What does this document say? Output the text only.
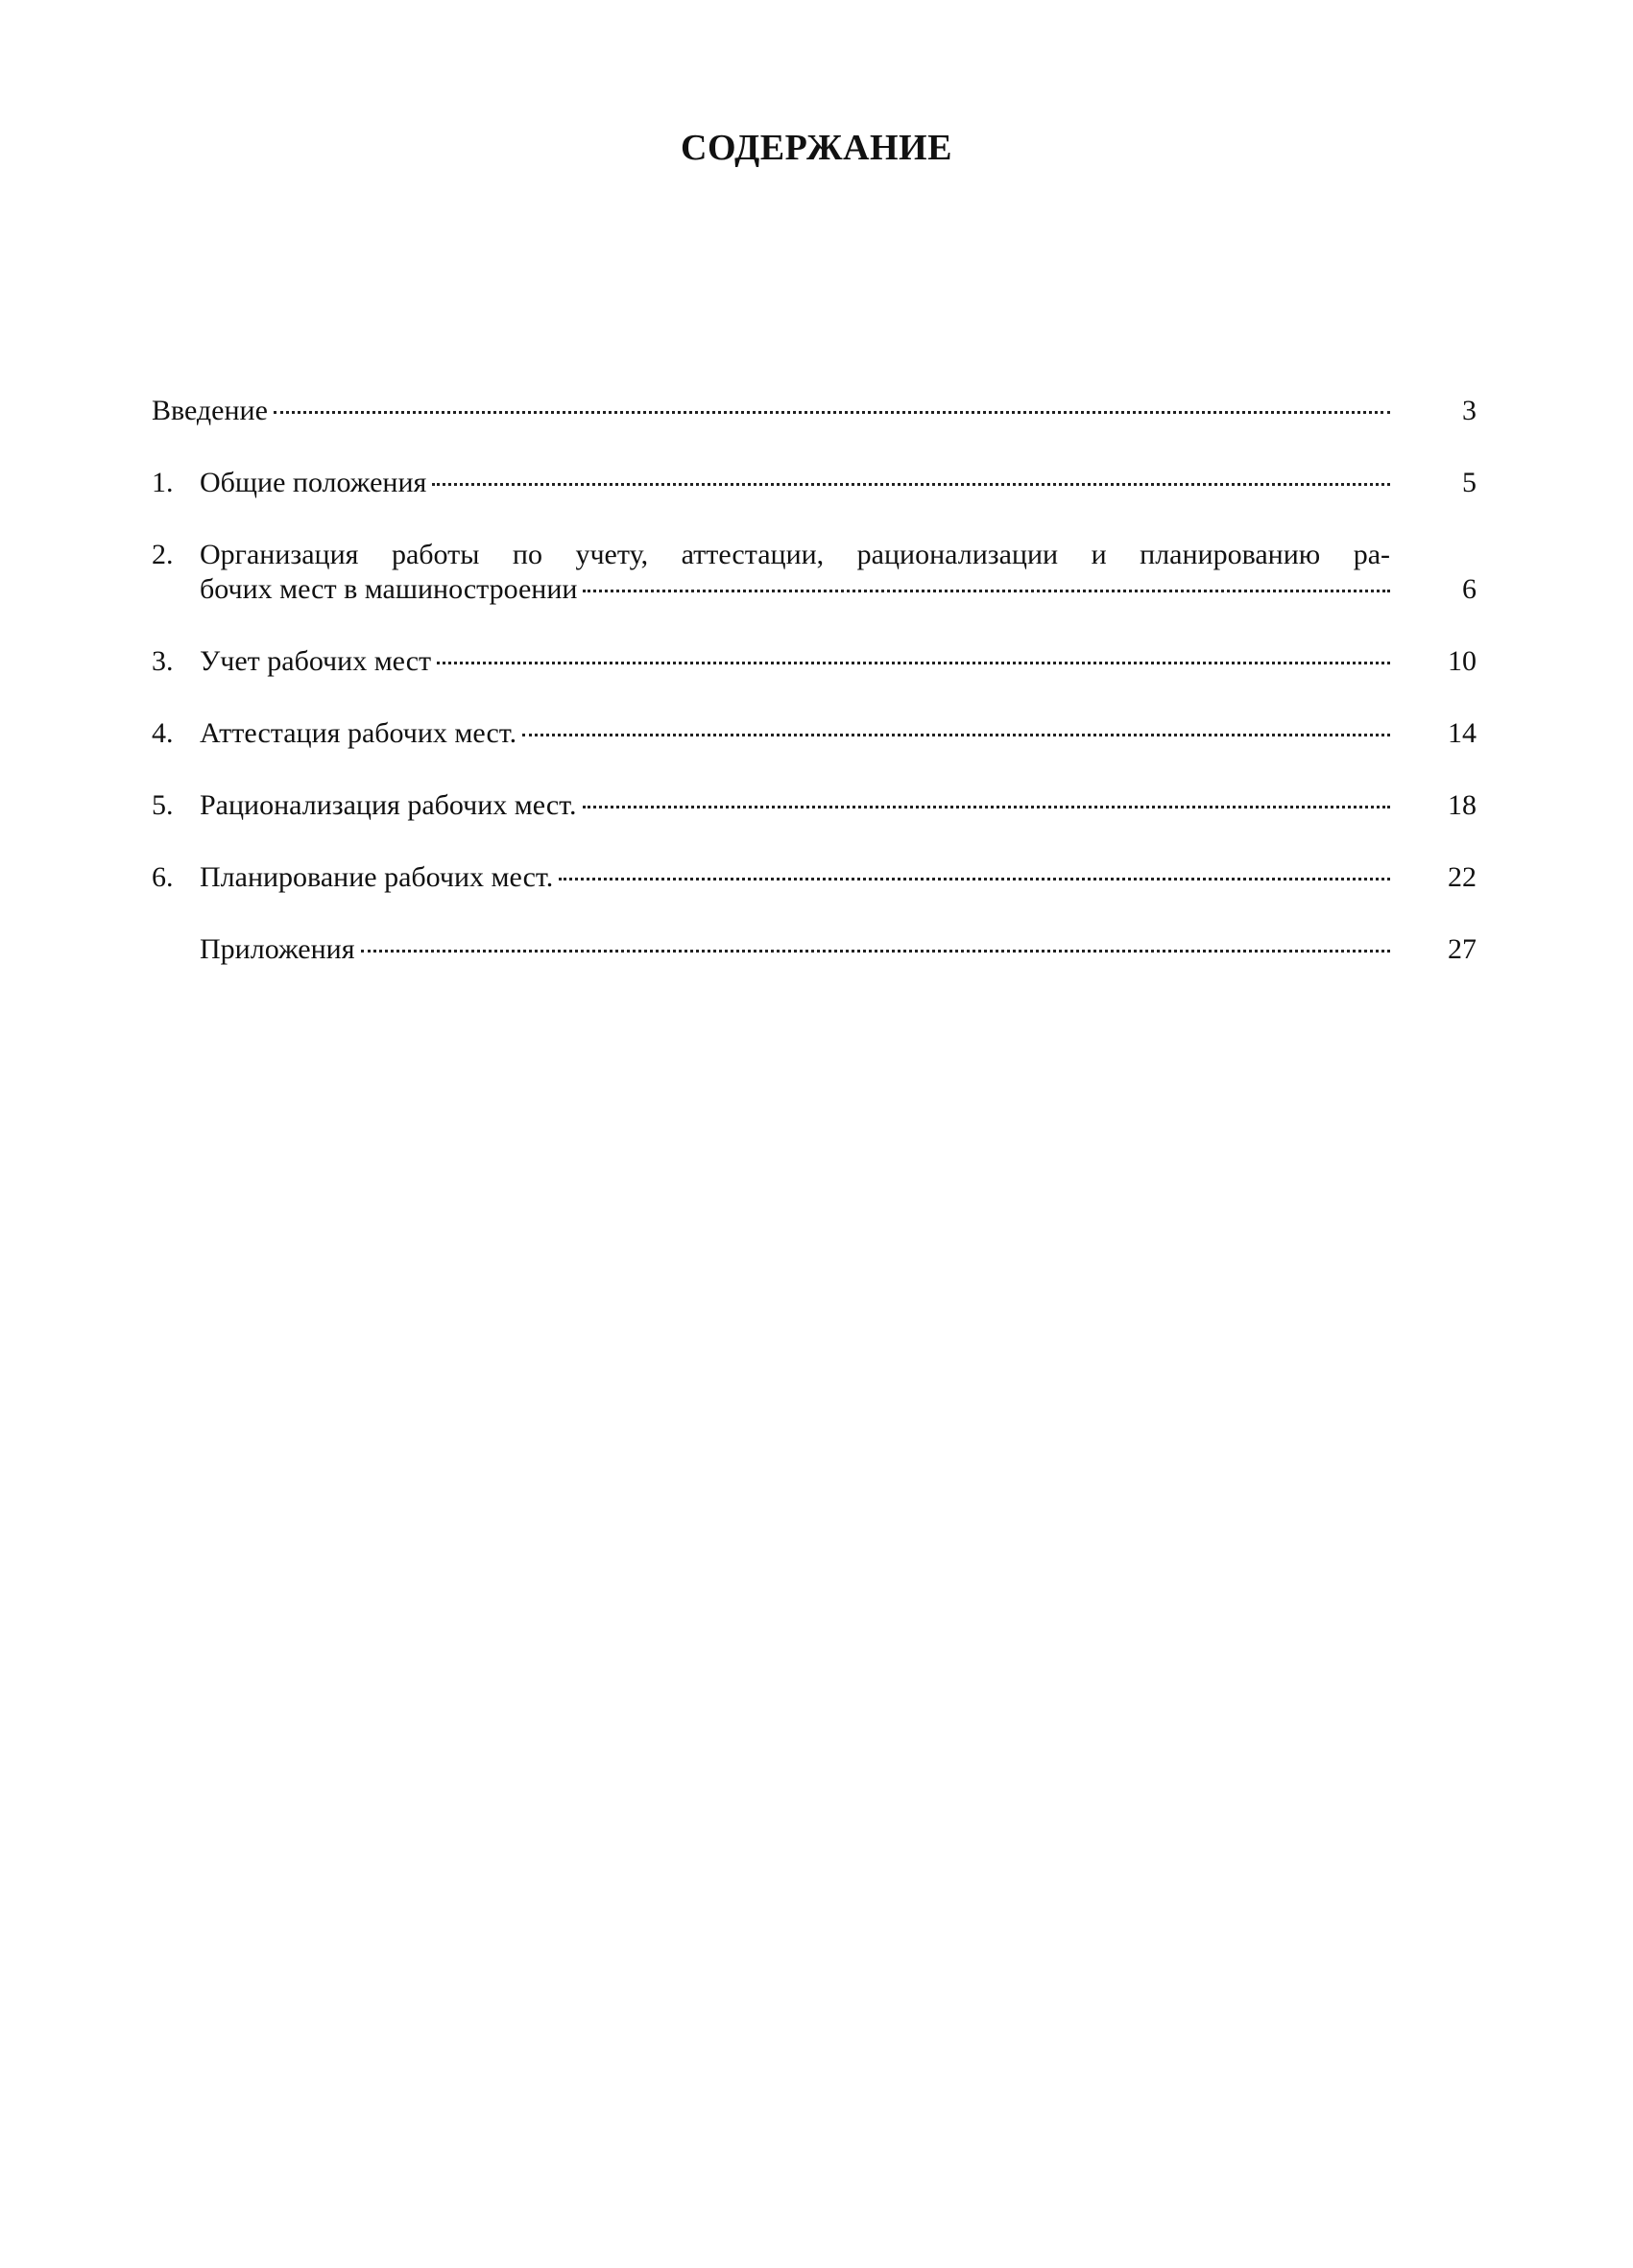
СОДЕРЖАНИЕ
Введение	3
1. Общие положения	5
2. Организация работы по учету, аттестации, рационализации и планированию ра-
бочих мест в машиностроении	6
3. Учет рабочих мест	10
4. Аттестация рабочих мест.	14
5. Рационализация рабочих мест.	18
6. Планирование рабочих мест.	22
Приложения	27
